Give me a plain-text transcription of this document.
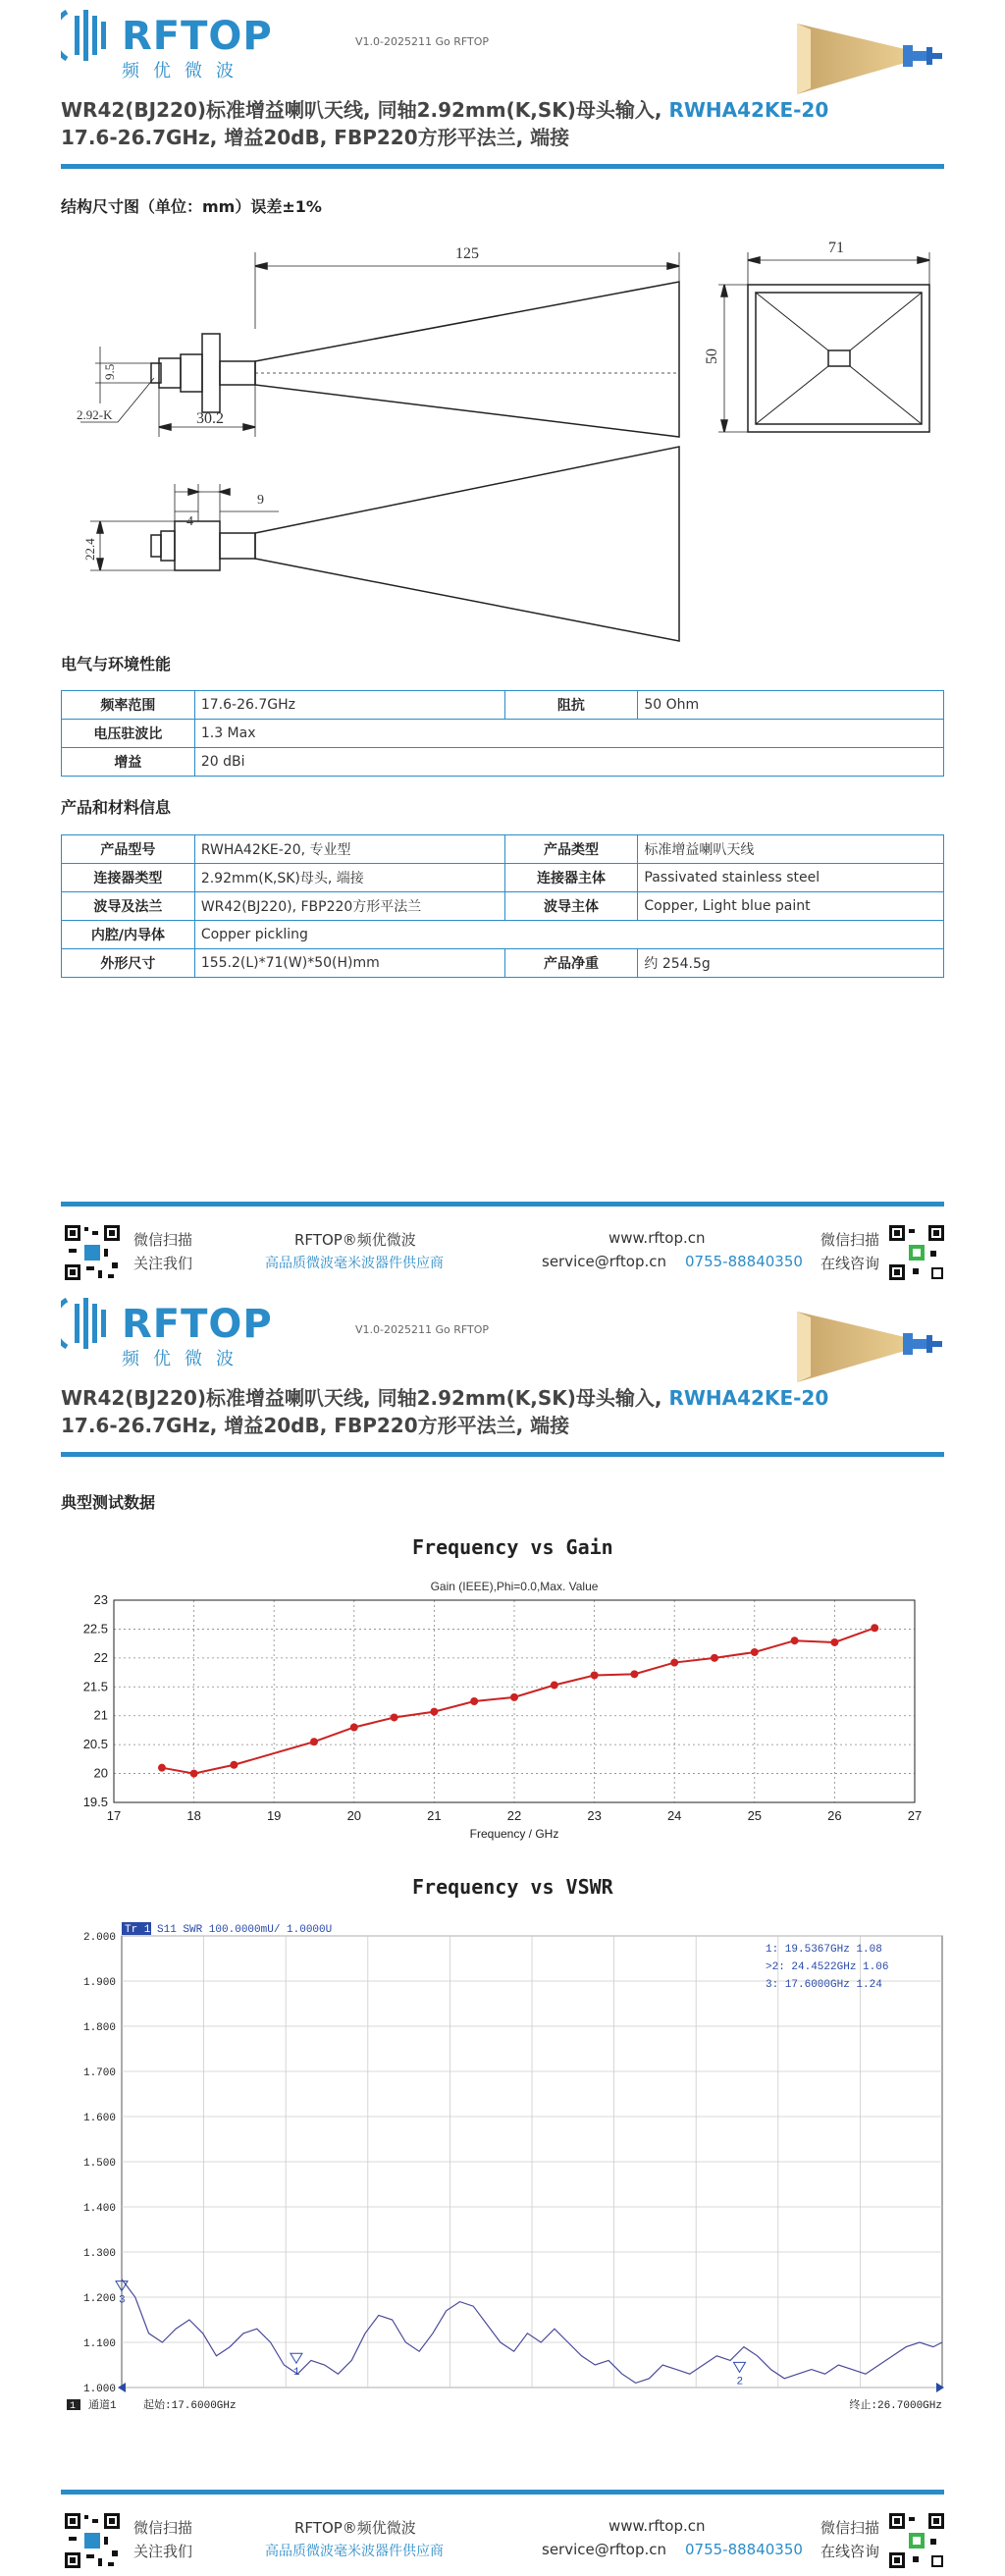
RFTOP
频优微波
V1.0-2025211 Go RFTOP
WR42(BJ220)标准增益喇叭天线, 同轴2.92mm(K,SK)母头输入, RWHA42KE-20
17.6-26.7GHz, 增益20dB, FBP220方形平法兰, 端接
结构尺寸图（单位：mm）误差±1%
125	71
50
9.5
2.92-K	30.2
9
4
22.4
电气与环境性能
频率范围	17.6-26.7GHz	阻抗	50 Ohm
电压驻波比	1.3 Max		
增益	20 dBi		
产品和材料信息
产品型号	RWHA42KE-20, 专业型	产品类型	标准增益喇叭天线
连接器类型	2.92mm(K,SK)母头, 端接	连接器主体	Passivated stainless steel
波导及法兰	WR42(BJ220), FBP220方形平法兰	波导主体	Copper, Light blue paint
内腔/内导体	Copper pickling		
外形尺寸	155.2(L)*71(W)*50(H)mm	产品净重	约 254.5g
微信扫描
关注我们
RFTOP®频优微波
高品质微波毫米波器件供应商
www.rftop.cn
service@rftop.cn 0755-88840350
微信扫描
在线咨询
RFTOP
频优微波
V1.0-2025211 Go RFTOP
WR42(BJ220)标准增益喇叭天线, 同轴2.92mm(K,SK)母头输入, RWHA42KE-20
17.6-26.7GHz, 增益20dB, FBP220方形平法兰, 端接
典型测试数据
微信扫描
关注我们
RFTOP®频优微波
高品质微波毫米波器件供应商
www.rftop.cn
service@rftop.cn 0755-88840350
微信扫描
在线咨询
Frequency vs Gain
Gain (IEEE),Phi=0.0,Max. Value
17	18	19	20	21	22	23	24	25	26	27
19.5
20
20.5
21
21.5
22
22.5
23
Frequency / GHz
Frequency vs VSWR
2.000
1.900
1.800
1.700
1.600
1.500
1.400
1.300
1.200
1.100
1.000
Tr 1 S11 SWR 100.0000mU/ 1.0000U
1: 19.5367GHz 1.08
>2: 24.4522GHz 1.06
3: 17.6000GHz 1.24
1
2
3
1 通道1 起始:17.6000GHz	终止:26.7000GHz
